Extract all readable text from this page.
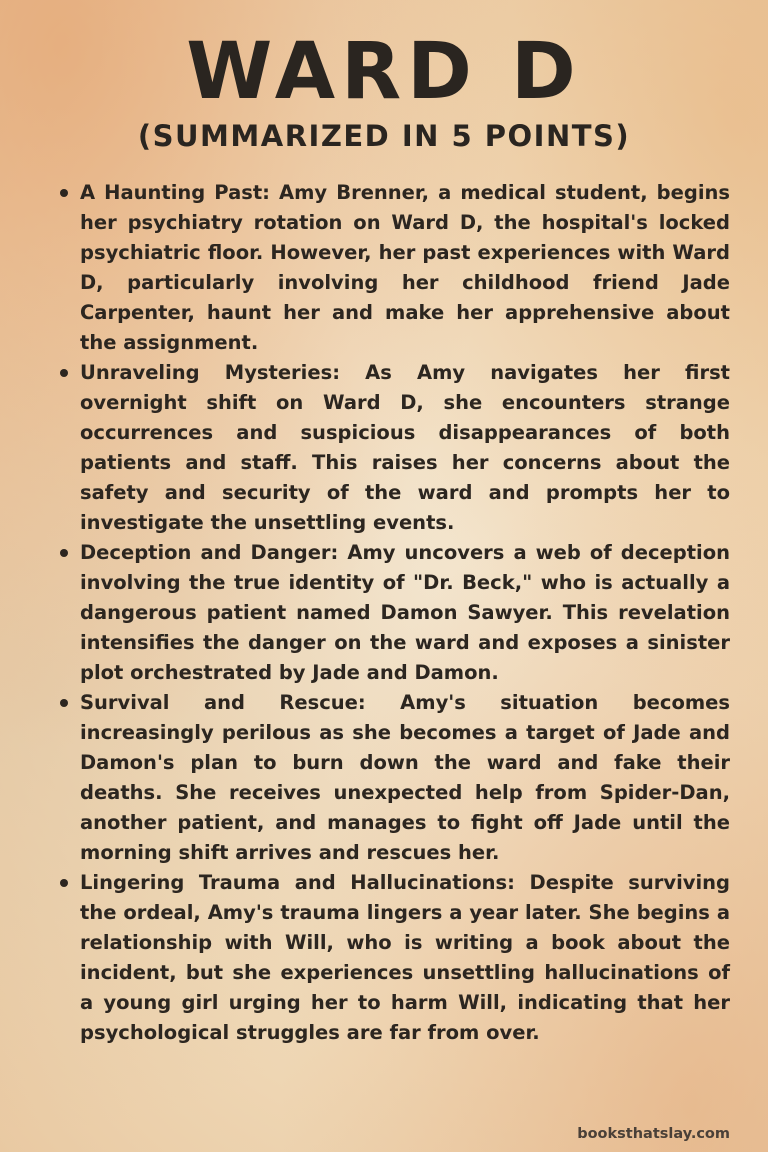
WARD D
(SUMMARIZED IN 5 POINTS)
A Haunting Past: Amy Brenner, a medical student, begins her psychiatry rotation on Ward D, the hospital's locked psychiatric floor. However, her past experiences with Ward D, particularly involving her childhood friend Jade Carpenter, haunt her and make her apprehensive about the assignment.
Unraveling Mysteries: As Amy navigates her first overnight shift on Ward D, she encounters strange occurrences and suspicious disappearances of both patients and staff. This raises her concerns about the safety and security of the ward and prompts her to investigate the unsettling events.
Deception and Danger: Amy uncovers a web of deception involving the true identity of "Dr. Beck," who is actually a dangerous patient named Damon Sawyer. This revelation intensifies the danger on the ward and exposes a sinister plot orchestrated by Jade and Damon.
Survival and Rescue: Amy's situation becomes increasingly perilous as she becomes a target of Jade and Damon's plan to burn down the ward and fake their deaths. She receives unexpected help from Spider-Dan, another patient, and manages to fight off Jade until the morning shift arrives and rescues her.
Lingering Trauma and Hallucinations: Despite surviving the ordeal, Amy's trauma lingers a year later. She begins a relationship with Will, who is writing a book about the incident, but she experiences unsettling hallucinations of a young girl urging her to harm Will, indicating that her psychological struggles are far from over.
booksthatslay.com
